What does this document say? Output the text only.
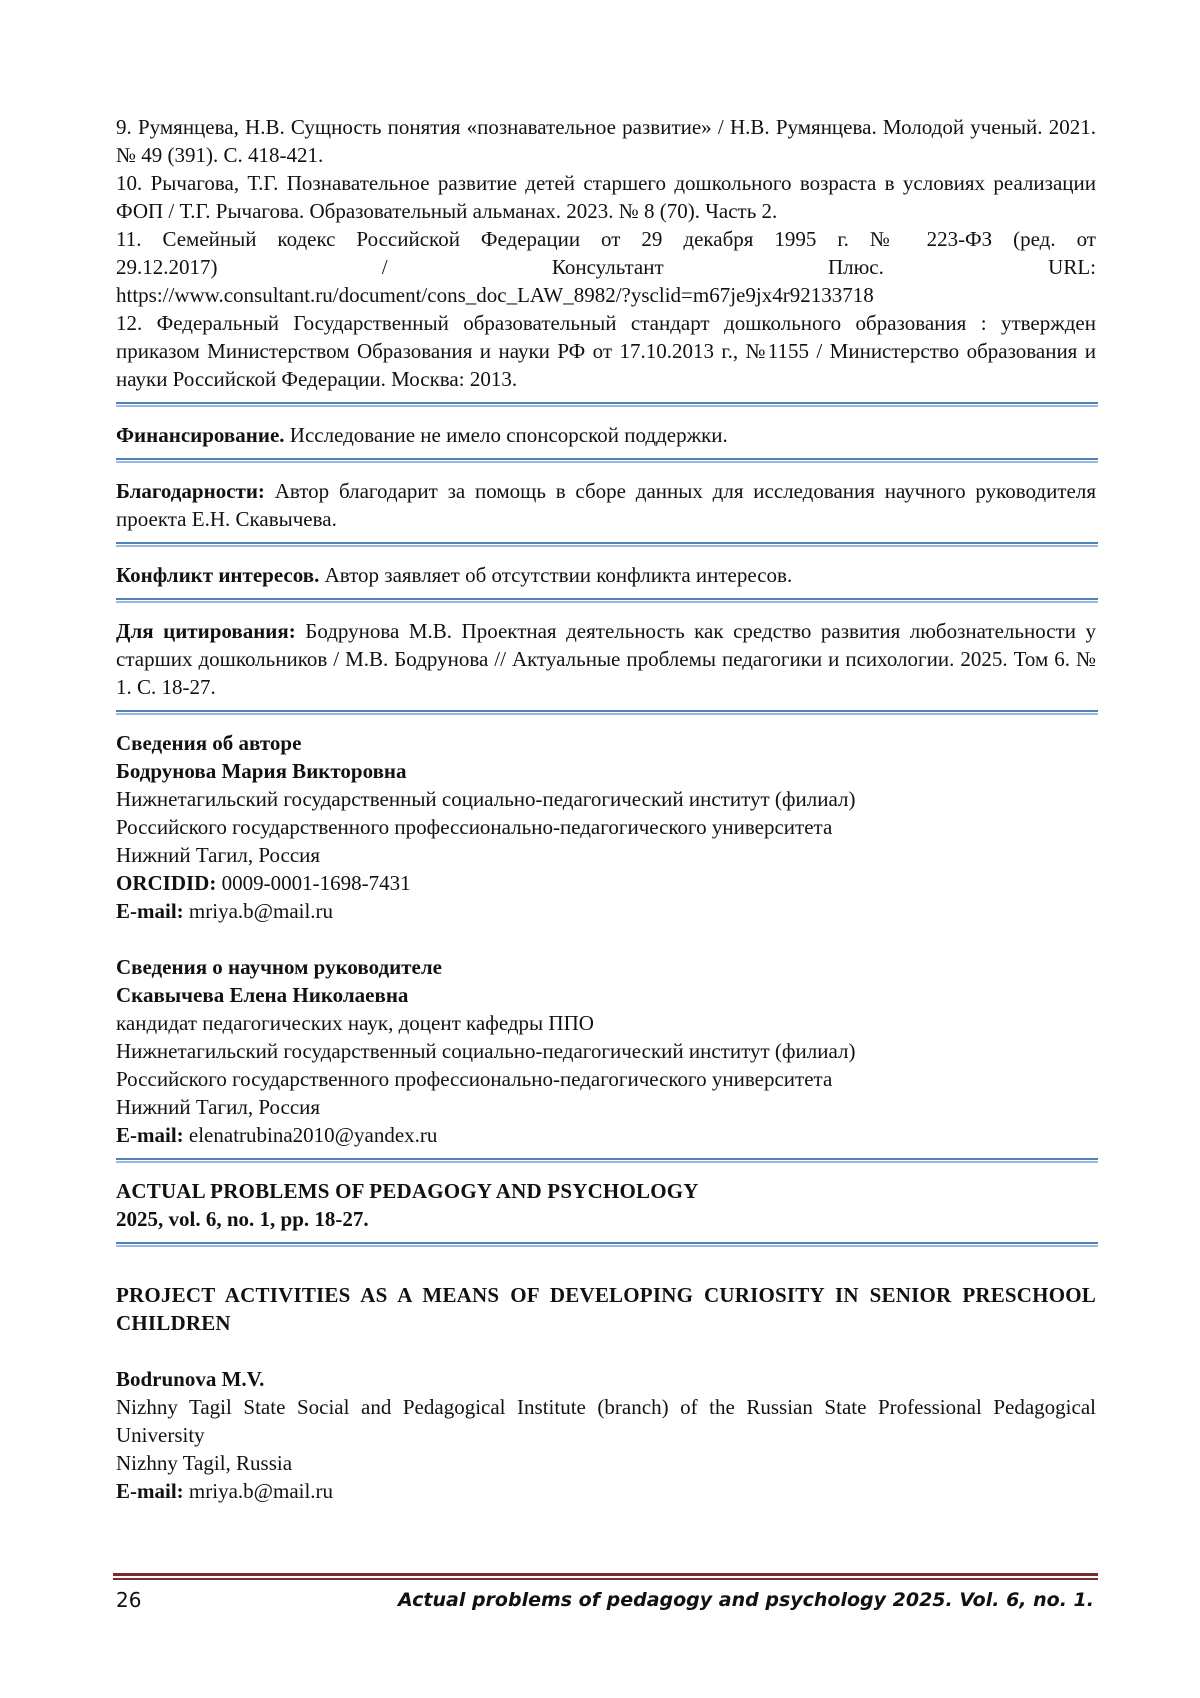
9. Румянцева, Н.В. Сущность понятия «познавательное развитие» / Н.В. Румянцева. Молодой ученый. 2021. № 49 (391). С. 418-421.

10. Рычагова, Т.Г. Познавательное развитие детей старшего дошкольного возраста в условиях реализации ФОП / Т.Г. Рычагова. Образовательный альманах. 2023. № 8 (70). Часть 2.

11. Семейный кодекс Российской Федерации от 29 декабря 1995 г. № 223-ФЗ (ред. от

29.12.2017) / Консультант Плюс. URL:

https://www.consultant.ru/document/cons_doc_LAW_8982/?ysclid=m67je9jx4r92133718

12. Федеральный Государственный образовательный стандарт дошкольного образования : утвержден приказом Министерством Образования и науки РФ от 17.10.2013 г., №1155 / Министерство образования и науки Российской Федерации. Москва: 2013.

Финансирование. Исследование не имело спонсорской поддержки.

Благодарности: Автор благодарит за помощь в сборе данных для исследования научного руководителя проекта Е.Н. Скавычева.

Конфликт интересов. Автор заявляет об отсутствии конфликта интересов.

Для цитирования: Бодрунова М.В. Проектная деятельность как средство развития любознательности у старших дошкольников / М.В. Бодрунова // Актуальные проблемы педагогики и психологии. 2025. Том 6. № 1. С. 18-27.

Сведения об авторе

Бодрунова Мария Викторовна

Нижнетагильский государственный социально-педагогический институт (филиал)

Российского государственного профессионально-педагогического университета

Нижний Тагил, Россия

ORCIDID: 0009-0001-1698-7431

E-mail: mriya.b@mail.ru

Сведения о научном руководителе

Скавычева Елена Николаевна

кандидат педагогических наук, доцент кафедры ППО

Нижнетагильский государственный социально-педагогический институт (филиал)

Российского государственного профессионально-педагогического университета

Нижний Тагил, Россия

E-mail: elenatrubina2010@yandex.ru

ACTUAL PROBLEMS OF PEDAGOGY AND PSYCHOLOGY

2025, vol. 6, no. 1, pp. 18-27.

PROJECT ACTIVITIES AS A MEANS OF DEVELOPING CURIOSITY IN SENIOR PRESCHOOL CHILDREN

Bodrunova M.V.

Nizhny Tagil State Social and Pedagogical Institute (branch) of the Russian State Professional Pedagogical University

Nizhny Tagil, Russia

E-mail: mriya.b@mail.ru

26	Actual problems of pedagogy and psychology 2025. Vol. 6, no. 1.
